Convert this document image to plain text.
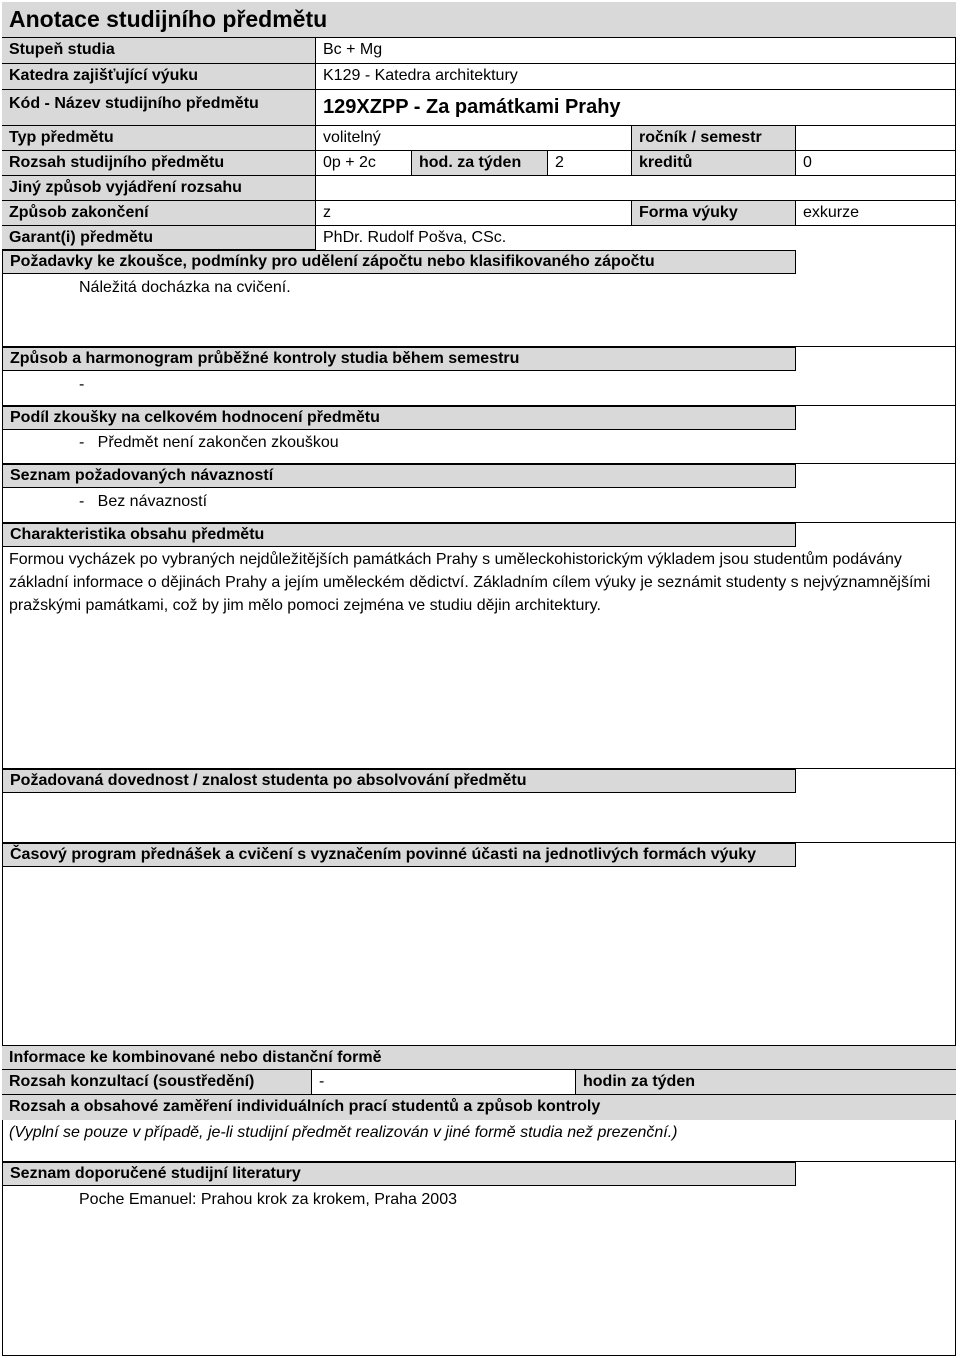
Anotace studijního předmětu
Stupeň studia	Bc + Mg
Katedra zajišťující výuku	K129 - Katedra architektury
Kód - Název studijního předmětu	129XZPP - Za památkami Prahy
Typ předmětu	volitelný	ročník / semestr
Rozsah studijního předmětu	0p + 2c	hod. za týden	2	kreditů	0
Jiný způsob vyjádření rozsahu
Způsob zakončení	z	Forma výuky	exkurze
Garant(i) předmětu	PhDr. Rudolf Pošva, CSc.
Požadavky ke zkoušce, podmínky pro udělení zápočtu nebo klasifikovaného zápočtu
Náležitá docházka na cvičení.
Způsob a harmonogram průběžné kontroly studia během semestru
-
Podíl zkoušky na celkovém hodnocení předmětu
-   Předmět není zakončen zkouškou
Seznam požadovaných návazností
-   Bez návazností
Charakteristika obsahu předmětu
Formou vycházek po vybraných nejdůležitějších památkách Prahy s uměleckohistorickým výkladem jsou studentům podávány základní informace o dějinách Prahy a jejím uměleckém dědictví. Základním cílem výuky je seznámit studenty s nejvýznamnějšími pražskými památkami, což by jim mělo pomoci zejména ve studiu dějin architektury.
Požadovaná dovednost / znalost studenta po absolvování předmětu
Časový program přednášek a cvičení s vyznačením povinné účasti na jednotlivých formách výuky
Informace ke kombinované nebo distanční formě
Rozsah konzultací (soustředění)	-	hodin za týden
Rozsah a obsahové zaměření individuálních prací studentů a způsob kontroly
(Vyplní se pouze v případě, je-li studijní předmět realizován v jiné formě studia než prezenční.)
Seznam doporučené studijní literatury
Poche Emanuel: Prahou krok za krokem, Praha 2003
